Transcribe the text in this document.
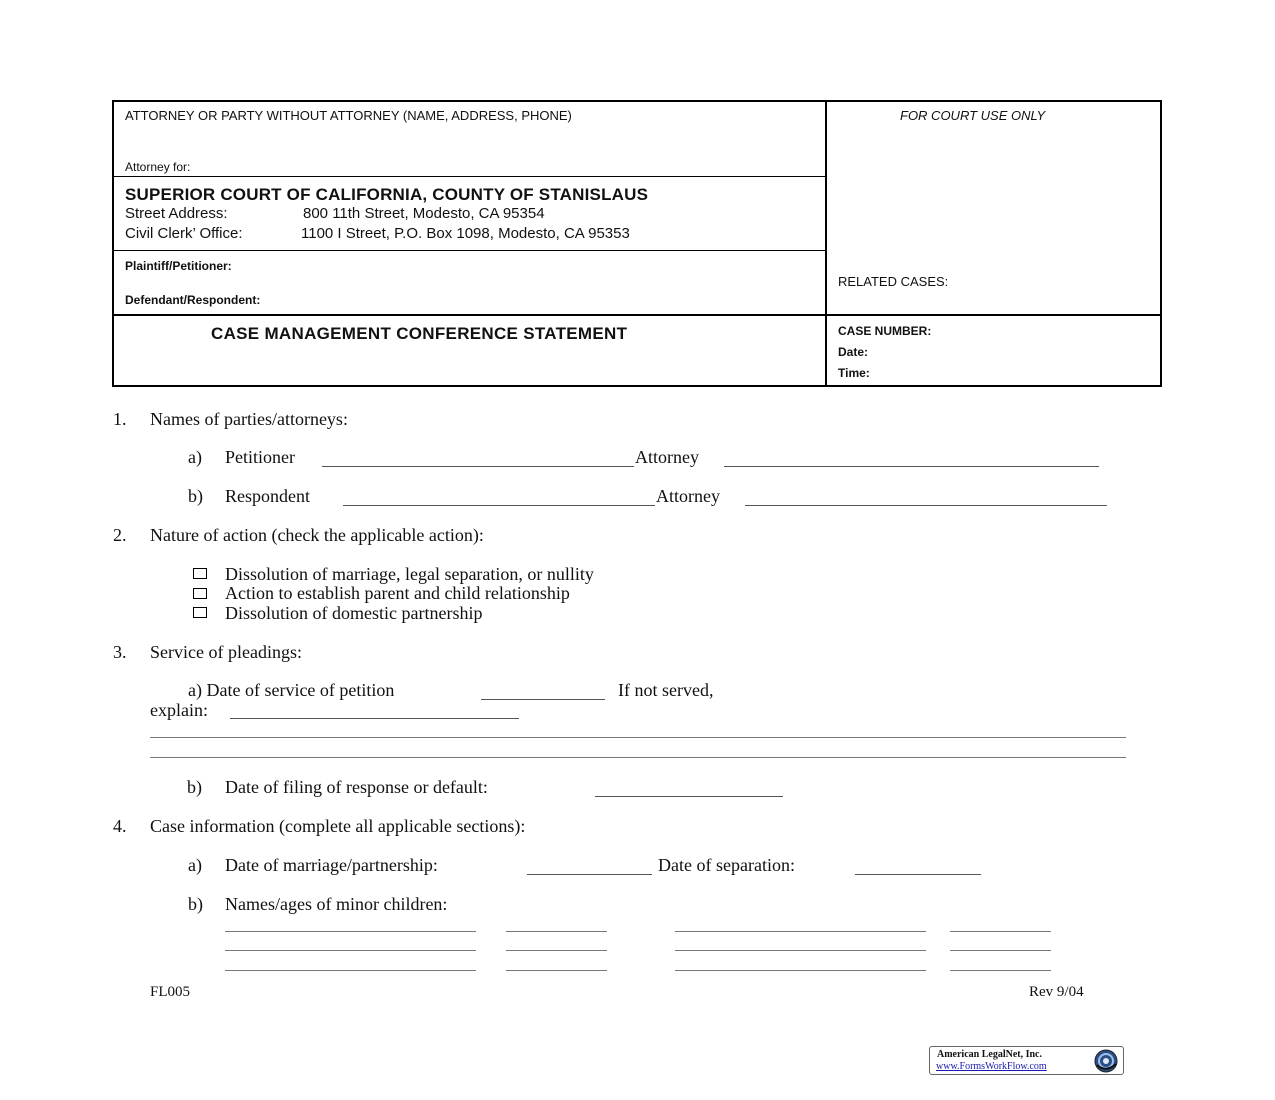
ATTORNEY OR PARTY WITHOUT ATTORNEY (NAME, ADDRESS, PHONE)	FOR COURT USE ONLY
Attorney for:
SUPERIOR COURT OF CALIFORNIA, COUNTY OF STANISLAUS
Street Address:	800 11th Street, Modesto, CA 95354
Civil Clerk’ Office:	1100 I Street, P.O. Box 1098, Modesto, CA 95353
Plaintiff/Petitioner:
Defendant/Respondent:
RELATED CASES:
CASE MANAGEMENT CONFERENCE STATEMENT	CASE NUMBER:
Date:
Time:
1. Names of parties/attorneys:
a) Petitioner	Attorney
b) Respondent	Attorney
2. Nature of action (check the applicable action):
Dissolution of marriage, legal separation, or nullity
Action to establish parent and child relationship
Dissolution of domestic partnership
3. Service of pleadings:
a) Date of service of petition	If not served,
explain:
b) Date of filing of response or default:
4. Case information (complete all applicable sections):
a) Date of marriage/partnership:	Date of separation:
b) Names/ages of minor children:
FL005	Rev 9/04
American LegalNet, Inc.
www.FormsWorkFlow.com
